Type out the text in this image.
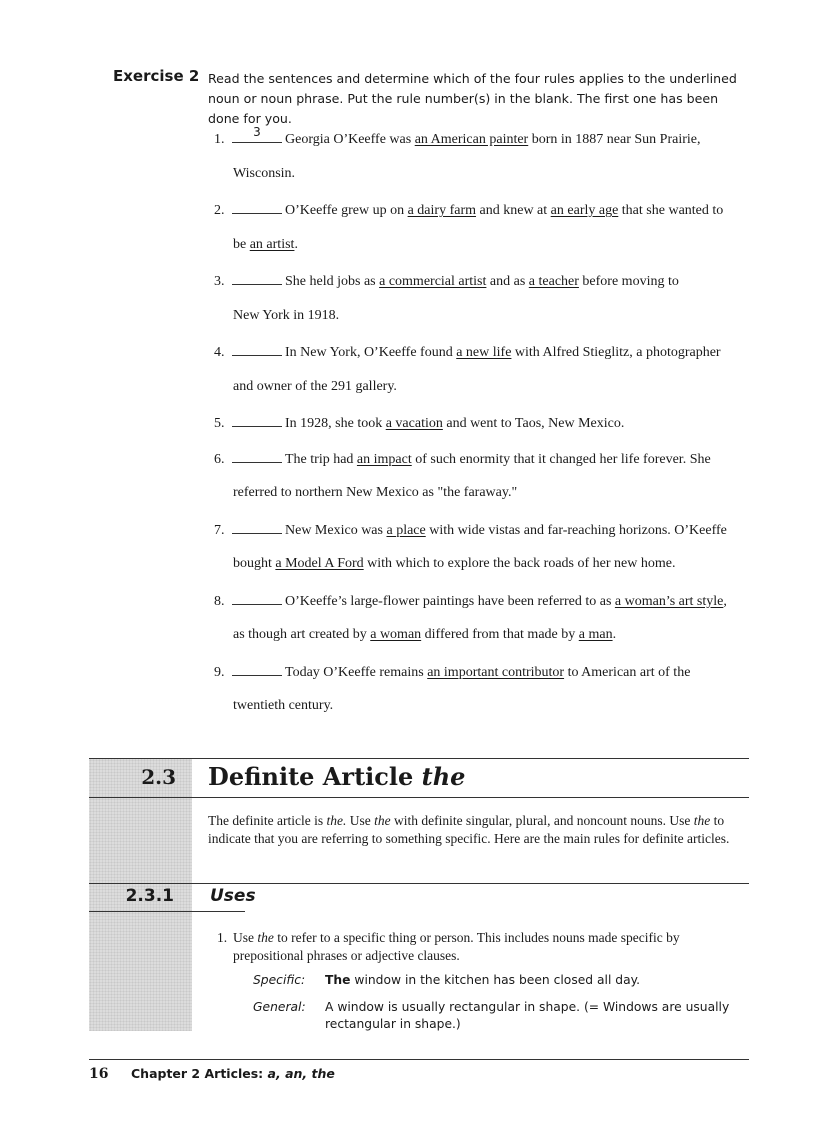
Exercise 2 Read the sentences and determine which of the four rules applies to the underlined noun or noun phrase. Put the rule number(s) in the blank. The first one has been done for you.
1.	3	Georgia O’Keeffe was an American painter born in 1887 near Sun Prairie,
Wisconsin.
2.	O’Keeffe grew up on a dairy farm and knew at an early age that she wanted to
be an artist.
3.	She held jobs as a commercial artist and as a teacher before moving to
New York in 1918.
4.	In New York, O’Keeffe found a new life with Alfred Stieglitz, a photographer
and owner of the 291 gallery.
5.	In 1928, she took a vacation and went to Taos, New Mexico.
6.	The trip had an impact of such enormity that it changed her life forever. She
referred to northern New Mexico as "the faraway."
7.	New Mexico was a place with wide vistas and far-reaching horizons. O’Keeffe
bought a Model A Ford with which to explore the back roads of her new home.
8.	O’Keeffe’s large-flower paintings have been referred to as a woman’s art style,
as though art created by a woman differed from that made by a man.
9.	Today O’Keeffe remains an important contributor to American art of the
twentieth century.
2.3	Definite Article the
The definite article is the. Use the with definite singular, plural, and noncount nouns. Use the to indicate that you are referring to something specific. Here are the main rules for definite articles.
2.3.1	Uses
1. Use the to refer to a specific thing or person. This includes nouns made specific by prepositional phrases or adjective clauses.
Specific: The window in the kitchen has been closed all day.
General: A window is usually rectangular in shape. (= Windows are usually rectangular in shape.)
16 Chapter 2 Articles: a, an, the
